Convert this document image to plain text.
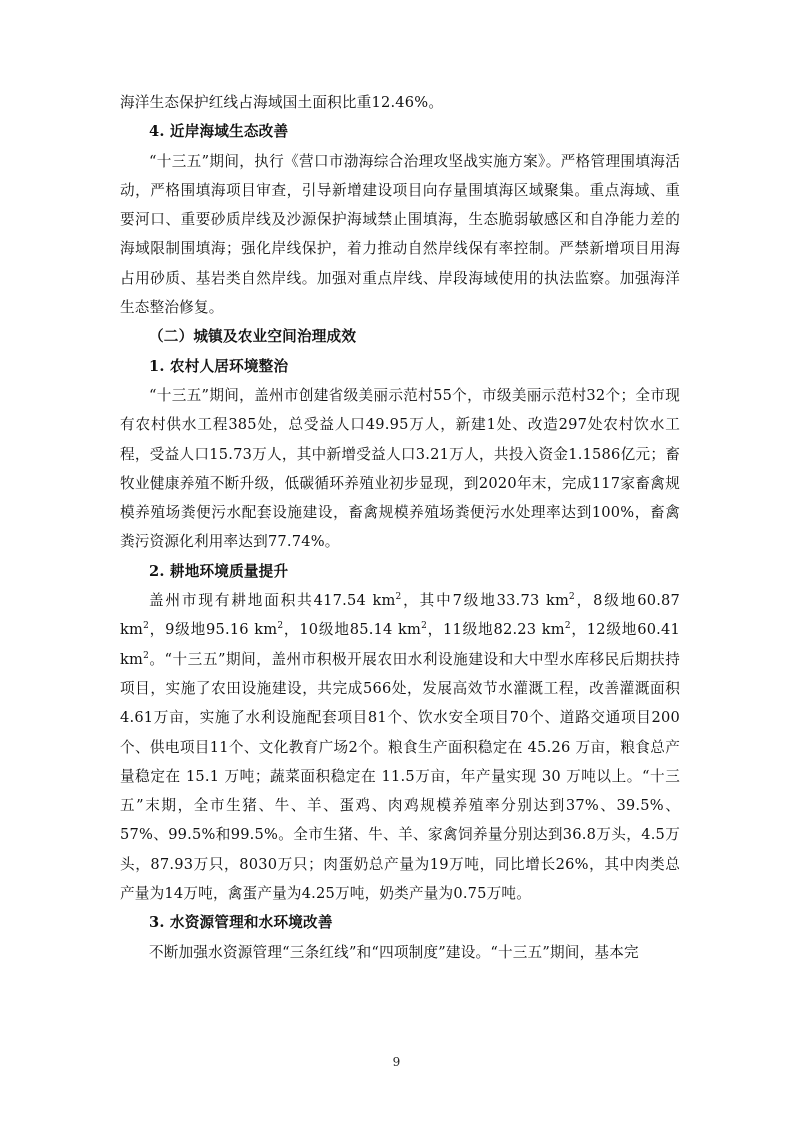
海洋生态保护红线占海域国土面积比重12.46%。

4. 近岸海域生态改善

“十三五”期间，执行《营口市渤海综合治理攻坚战实施方案》。严格管理围填海活动，严格围填海项目审查，引导新增建设项目向存量围填海区域聚集。重点海域、重要河口、重要砂质岸线及沙源保护海域禁止围填海，生态脆弱敏感区和自净能力差的海域限制围填海；强化岸线保护，着力推动自然岸线保有率控制。严禁新增项目用海占用砂质、基岩类自然岸线。加强对重点岸线、岸段海域使用的执法监察。加强海洋生态整治修复。

（二）城镇及农业空间治理成效

1. 农村人居环境整治

“十三五”期间，盖州市创建省级美丽示范村55个，市级美丽示范村32个；全市现有农村供水工程385处，总受益人口49.95万人，新建1处、改造297处农村饮水工程，受益人口15.73万人，其中新增受益人口3.21万人，共投入资金1.1586亿元；畜牧业健康养殖不断升级，低碳循环养殖业初步显现，到2020年末，完成117家畜禽规模养殖场粪便污水配套设施建设，畜禽规模养殖场粪便污水处理率达到100%，畜禽粪污资源化利用率达到77.74%。

2. 耕地环境质量提升

盖州市现有耕地面积共417.54 $km^2$，其中7级地33.73 $km^2$，8级地60.87 $km^2$，9级地95.16 $km^2$，10级地85.14 $km^2$，11级地82.23 $km^2$，12级地60.41 $km^2$。“十三五”期间，盖州市积极开展农田水利设施建设和大中型水库移民后期扶持项目，实施了农田设施建设，共完成566处，发展高效节水灌溉工程，改善灌溉面积4.61万亩，实施了水利设施配套项目81个、饮水安全项目70个、道路交通项目200个、供电项目11个、文化教育广场2个。粮食生产面积稳定在 45.26 万亩，粮食总产量稳定在 15.1 万吨；蔬菜面积稳定在 11.5万亩，年产量实现 30 万吨以上。“十三五”末期，全市生猪、牛、羊、蛋鸡、肉鸡规模养殖率分别达到37%、39.5%、57%、99.5%和99.5%。全市生猪、牛、羊、家禽饲养量分别达到36.8万头，4.5万头，87.93万只，8030万只；肉蛋奶总产量为19万吨，同比增长26%，其中肉类总产量为14万吨，禽蛋产量为4.25万吨，奶类产量为0.75万吨。

3. 水资源管理和水环境改善

不断加强水资源管理“三条红线”和“四项制度”建设。“十三五”期间，基本完

9
